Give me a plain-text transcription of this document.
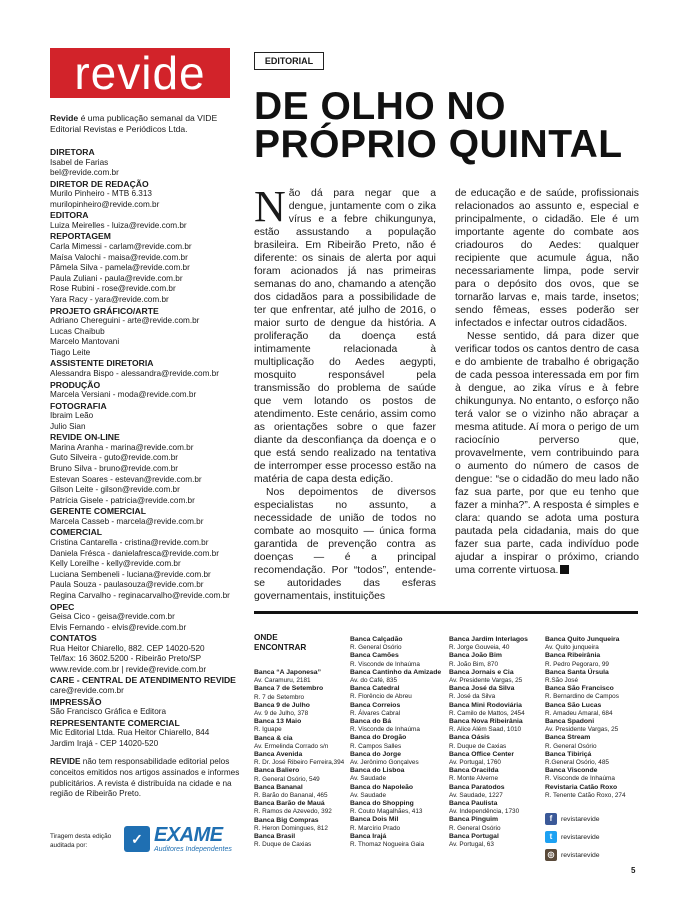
revide
Revide é uma publicação semanal da VIDE Editorial Revistas e Periódicos Ltda.
DIRETORA
Isabel de Farias
bel@revide.com.br
DIRETOR DE REDAÇÃO
Murilo Pinheiro - MTB 6.313
murilopinheiro@revide.com.br
EDITORA
Luiza Meirelles - luiza@revide.com.br
REPORTAGEM
Carla Mimessi - carlam@revide.com.br
Maísa Valochi - maisa@revide.com.br
Pâmela Silva - pamela@revide.com.br
Paula Zuliani - paula@revide.com.br
Rose Rubini - rose@revide.com.br
Yara Racy - yara@revide.com.br
PROJETO GRÁFICO/ARTE
Adriano Chereguini - arte@revide.com.br
Lucas Chaibub
Marcelo Mantovani
Tiago Leite
ASSISTENTE DIRETORIA
Alessandra Bispo - alessandra@revide.com.br
PRODUÇÃO
Marcela Versiani - moda@revide.com.br
FOTOGRAFIA
Ibraim Leão
Julio Sian
REVIDE ON-LINE
Marina Aranha - marina@revide.com.br
Guto Silveira - guto@revide.com.br
Bruno Silva - bruno@revide.com.br
Estevan Soares - estevan@revide.com.br
Gilson Leite - gilson@revide.com.br
Patrícia Gisele - patricia@revide.com.br
GERENTE COMERCIAL
Marcela Casseb - marcela@revide.com.br
COMERCIAL
Cristina Cantarella - cristina@revide.com.br
Daniela Frésca - danielafresca@revide.com.br
Kelly Loreilhe - kelly@revide.com.br
Luciana Sembeneli - luciana@revide.com.br
Paula Souza - paulasouza@revide.com.br
Regina Carvalho - reginacarvalho@revide.com.br
OPEC
Geisa Cico - geisa@revide.com.br
Elvis Fernando - elvis@revide.com.br
CONTATOS
Rua Heitor Chiarello, 882. CEP 14020-520
Tel/fax: 16 3602.5200 - Ribeirão Preto/SP
www.revide.com.br | revide@revide.com.br
CARE - CENTRAL DE ATENDIMENTO REVIDE
care@revide.com.br
IMPRESSÃO
São Francisco Gráfica e Editora
REPRESENTANTE COMERCIAL
Mic Editorial Ltda. Rua Heitor Chiarello, 844
Jardim Irajá - CEP 14020-520
REVIDE não tem responsabilidade editorial pelos conceitos emitidos nos artigos assinados e informes publicitários. A revista é distribuída na cidade e na região de Ribeirão Preto.
Tiragem desta edição auditada por:	✓ EXAME
Auditores Independentes
EDITORIAL
DE OLHO NO PRÓPRIO QUINTAL

Não dá para negar que a dengue, juntamente com o zika vírus e a febre chikungunya, estão assustando a população brasileira. Em Ribeirão Preto, não é diferente: os sinais de alerta por aqui foram acionados já nas primeiras semanas do ano, chamando a atenção dos cidadãos para a possibilidade de ter que enfrentar, até julho de 2016, o maior surto de dengue da história. A proliferação da doença está intimamente relacionada à multiplicação do Aedes aegypti, mosquito responsável pela transmissão do problema de saúde que vem lotando os postos de atendimento. Este cenário, assim como as orientações sobre o que fazer diante da desconfiança da doença e o que está sendo realizado na tentativa de interromper esse processo estão na matéria de capa desta edição.

Nos depoimentos de diversos especialistas no assunto, a necessidade de união de todos no combate ao mosquito — única forma garantida de prevenção contra as doenças — é a principal recomendação. Por “todos”, entende-se autoridades das esferas governamentais, instituições

de educação e de saúde, profissionais relacionados ao assunto e, especial e principalmente, o cidadão. Ele é um importante agente do combate aos criadouros do Aedes: qualquer recipiente que acumule água, não necessariamente limpa, pode servir para o depósito dos ovos, que se tornarão larvas e, mais tarde, insetos; sendo fêmeas, esses poderão ser infectados e infectar outros cidadãos.

Nesse sentido, dá para dizer que verificar todos os cantos dentro de casa e do ambiente de trabalho é obrigação de cada pessoa interessada em por fim à dengue, ao zika vírus e à febre chikungunya. No entanto, o esforço não terá valor se o vizinho não abraçar a mesma atitude. Aí mora o perigo de um raciocínio perverso que, provavelmente, vem contribuindo para o aumento do número de casos de dengue: “se o cidadão do meu lado não faz sua parte, por que eu tenho que fazer a minha?”. A resposta é simples e clara: quando se adota uma postura pautada pela cidadania, mais do que fazer sua parte, cada indivíduo pode ajudar a inspirar o próximo, criando uma corrente virtuosa.

ONDE
ENCONTRAR
Banca “A Japonesa”
Av. Caramuru, 2181
Banca 7 de Setembro
R. 7 de Setembro
Banca 9 de Julho
Av. 9 de Julho, 378
Banca 13 Maio
R. Iguape
Banca & cia
Av. Ermelinda Corrado s/n
Banca Avenida
R. Dr. José Ribeiro Ferreira,394
Banca Baliero
R. General Osório, 549
Banca Bananal
R. Barão do Bananal, 465
Banca Barão de Mauá
R. Ramos de Azevedo, 392
Banca Big Compras
R. Heron Domingues, 812
Banca Brasil
R. Duque de Caxias
Banca Calçadão
R. General Osório
Banca Camões
R. Visconde de Inhaúma
Banca Cantinho da Amizade
Av. do Café, 835
Banca Catedral
R. Florêncio de Abreu
Banca Correios
R. Álvares Cabral
Banca do Bá
R. Visconde de Inhaúma
Banca do Drogão
R. Campos Salles
Banca do Jorge
Av. Jerônimo Gonçalves
Banca do Lisboa
Av. Saudade
Banca do Napoleão
Av. Saudade
Banca do Shopping
R. Couto Magalhães, 413
Banca Dois Mil
R. Marcírio Prado
Banca Irajá
R. Thomaz Nogueira Gaia
Banca Jardim Interlagos
R. Jorge Gouveia, 40
Banca João Bim
R. João Bim, 870
Banca Jornais e Cia
Av. Presidente Vargas, 25
Banca José da Silva
R. José da Silva
Banca Mini Rodoviária
R. Camilo de Mattos, 2454
Banca Nova Ribeirânia
R. Alice Além Saad, 1010
Banca Oásis
R. Duque de Caxias
Banca Office Center
Av. Portugal, 1760
Banca Oracilda
R. Monte Alverne
Banca Paratodos
Av. Saudade, 1227
Banca Paulista
Av. Independência, 1730
Banca Pinguim
R. General Osório
Banca Portugal
Av. Portugal, 63
Banca Quito Junqueira
Av. Quito junqueira
Banca Ribeirânia
R. Pedro Pegoraro, 99
Banca Santa Úrsula
R.São José
Banca São Francisco
R. Bernardino de Campos
Banca São Lucas
R. Amadeu Amaral, 684
Banca Spadoni
Av. Presidente Vargas, 25
Banca Stream
R. General Osório
Banca Tibiriçá
R.General Osório, 485
Banca Visconde
R. Visconde de Inhaúma
Revistaria Catão Roxo
R. Tenente Catão Roxo, 274
f	revistarevide
t	revistarevide
◎ revistarevide
5
